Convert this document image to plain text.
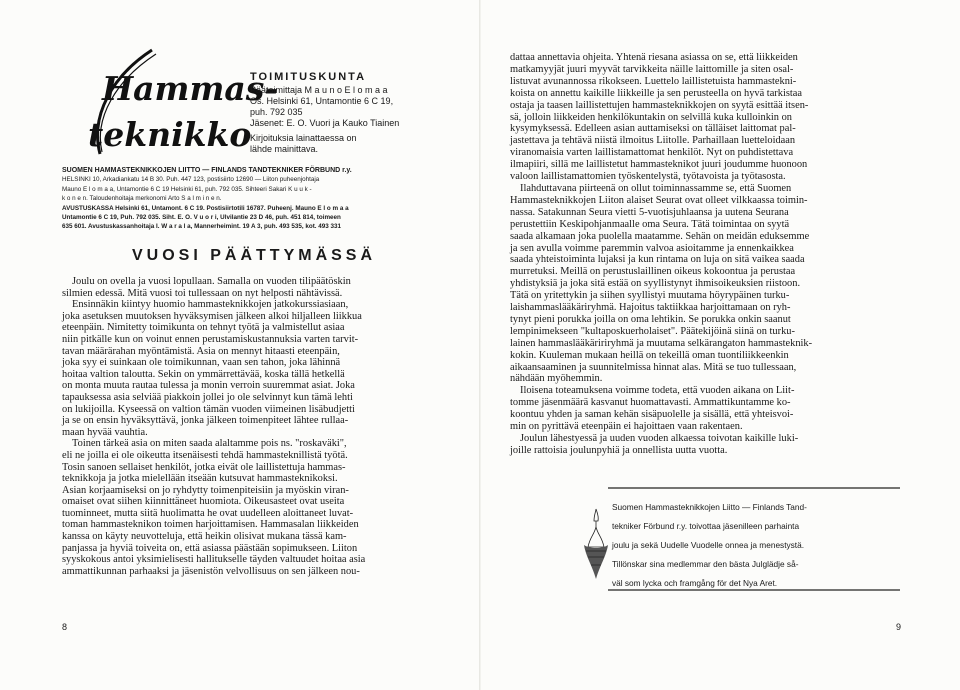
Hammas-
teknikko
TOIMITUSKUNTA
Päätoimittaja M a u n o E l o m a a
Os. Helsinki 61, Untamontie 6 C 19,
puh. 792 035
Jäsenet: E. O. Vuori ja Kauko Tiainen
Kirjoituksia lainattaessa on
lähde mainittava.
SUOMEN HAMMASTEKNIKKOJEN LIITTO — FINLANDS TANDTEKNIKER FÖRBUND r.y.
HELSINKI 10, Arkadiankatu 14 B 30. Puh. 447 123, postisiirto 12690 — Liiton puheenjohtaja
Mauno E l o m a a, Untamontie 6 C 19 Helsinki 61, puh. 792 035. Sihteeri Sakari K u u k -
k o n e n. Taloudenhoitaja merkonomi Arto S a l m i n e n.
AVUSTUSKASSA Helsinki 61, Untamont. 6 C 19. Postisiirtotili 16787. Puheenj. Mauno E l o m a a
Untamontie 6 C 19, Puh. 792 035. Siht. E. O. V u o r i, Ulvilantie 23 D 46, puh. 451 814, toimeen
635 601. Avustuskassanhoitaja I. W a r a l a, Mannerheimint. 19 A 3, puh. 493 535, kot. 493 331
VUOSI PÄÄTTYMÄSSÄ
Joulu on ovella ja vuosi lopullaan. Samalla on vuoden tilipäätöskin
silmien edessä. Mitä vuosi toi tullessaan on nyt helposti nähtävissä.
Ensinnäkin kiintyy huomio hammasteknikkojen jatkokurssiasiaan,
joka asetuksen muutoksen hyväksymisen jälkeen alkoi hiljalleen liikkua
eteenpäin. Nimitetty toimikunta on tehnyt työtä ja valmistellut asiaa
niin pitkälle kun on voinut ennen perustamiskustannuksia varten tarvit-
tavan määrärahan myöntämistä. Asia on mennyt hitaasti eteenpäin,
joka syy ei suinkaan ole toimikunnan, vaan sen tahon, joka lähinnä
hoitaa valtion taloutta. Sekin on ymmärrettävää, koska tällä hetkellä
on monta muuta rautaa tulessa ja monin verroin suuremmat asiat. Joka
tapauksessa asia selviää piakkoin jollei jo ole selvinnyt kun tämä lehti
on lukijoilla. Kyseessä on valtion tämän vuoden viimeinen lisäbudjetti
ja se on ensin hyväksyttävä, jonka jälkeen toimenpiteet lähtee rullaa-
maan hyvää vauhtia.
Toinen tärkeä asia on miten saada alaltamme pois ns. "roskaväki",
eli ne joilla ei ole oikeutta itsenäisesti tehdä hammasteknillistä työtä.
Tosin sanoen sellaiset henkilöt, jotka eivät ole laillistettuja hammas-
teknikkoja ja jotka mielellään itseään kutsuvat hammasteknikoksi.
Asian korjaamiseksi on jo ryhdytty toimenpiteisiin ja myöskin viran-
omaiset ovat siihen kiinnittäneet huomiota. Oikeusasteet ovat useita
tuominneet, mutta siitä huolimatta he ovat uudelleen aloittaneet luvat-
toman hammasteknikon toimen harjoittamisen. Hammasalan liikkeiden
kanssa on käyty neuvotteluja, että heikin olisivat mukana tässä kam-
panjassa ja hyviä toiveita on, että asiassa päästään sopimukseen. Liiton
syyskokous antoi yksimielisesti hallitukselle täyden valtuudet hoitaa asia
ammattikunnan parhaaksi ja jäsenistön velvollisuus on sen jälkeen nou-
8
dattaa annettavia ohjeita. Yhtenä riesana asiassa on se, että liikkeiden
matkamyyjät juuri myyvät tarvikkeita näille laittomille ja siten osal-
listuvat avunannossa rikokseen. Luettelo laillistetuista hammastekni-
koista on annettu kaikille liikkeille ja sen perusteella on hyvä tarkistaa
ostaja ja taasen laillistettujen hammasteknikkojen on syytä esittää itsen-
sä, jolloin liikkeiden henkilökuntakin on selvillä kuka kulloinkin on
kysymyksessä. Edelleen asian auttamiseksi on tälläiset laittomat pal-
jastettava ja tehtävä niistä ilmoitus Liitolle. Parhaillaan luetteloidaan
viranomaisia varten laillistamattomat henkilöt. Nyt on puhdistettava
ilmapiiri, sillä me laillistetut hammasteknikot juuri joudumme huonoon
valoon laillistamattomien työskentelystä, työtavoista ja työtasosta.
Ilahduttavana piirteenä on ollut toiminnassamme se, että Suomen
Hammasteknikkojen Liiton alaiset Seurat ovat olleet vilkkaassa toimin-
nassa. Satakunnan Seura vietti 5-vuotisjuhlaansa ja uutena Seurana
perustettiin Keskipohjanmaalle oma Seura. Tätä toimintaa on syytä
saada alkamaan joka puolella maatamme. Sehän on meidän eduksemme
ja sen avulla voimme paremmin valvoa asioitamme ja ennenkaikkea
saada yhteistoiminta lujaksi ja kun rintama on luja on sitä vaikea saada
murretuksi. Meillä on perustuslaillinen oikeus kokoontua ja perustaa
yhdistyksiä ja joka sitä estää on syyllistynyt ihmisoikeuksien riistoon.
Tätä on yritettykin ja siihen syyllistyi muutama höyrypäinen turku-
laishammaslääkäriryhmä. Hajoitus taktiikkaa harjoittamaan on ryh-
tynyt pieni porukka joilla on oma lehtikin. Se porukka onkin saanut
lempinimekseen "kultaposkuerholaiset". Päätekijöinä siinä on turku-
lainen hammaslääkäririryhmä ja muutama selkärangaton hammasteknik-
kokin. Kuuleman mukaan heillä on tekeillä oman tuontiliikkeenkin
aikaansaaminen ja suunnitelmissa hinnat alas. Mitä se tuo tullessaan,
nähdään myöhemmin.
Iloisena toteamuksena voimme todeta, että vuoden aikana on Liit-
tomme jäsenmäärä kasvanut huomattavasti. Ammattikuntamme ko-
koontuu yhden ja saman kehän sisäpuolelle ja sisällä, että yhteisvoi-
min on pyrittävä eteenpäin ei hajoittaen vaan rakentaen.
Joulun lähestyessä ja uuden vuoden alkaessa toivotan kaikille luki-
joille rattoisia joulunpyhiä ja onnellista uutta vuotta.
Suomen Hammasteknikkojen Liitto — Finlands Tand-
tekniker Förbund r.y. toivottaa jäsenilleen parhainta
joulu ja sekä Uudelle Vuodelle onnea ja menestystä.
Tillönskar sina medlemmar den bästa Julglädje så-
väl som lycka och framgång för det Nya Aret.
9
